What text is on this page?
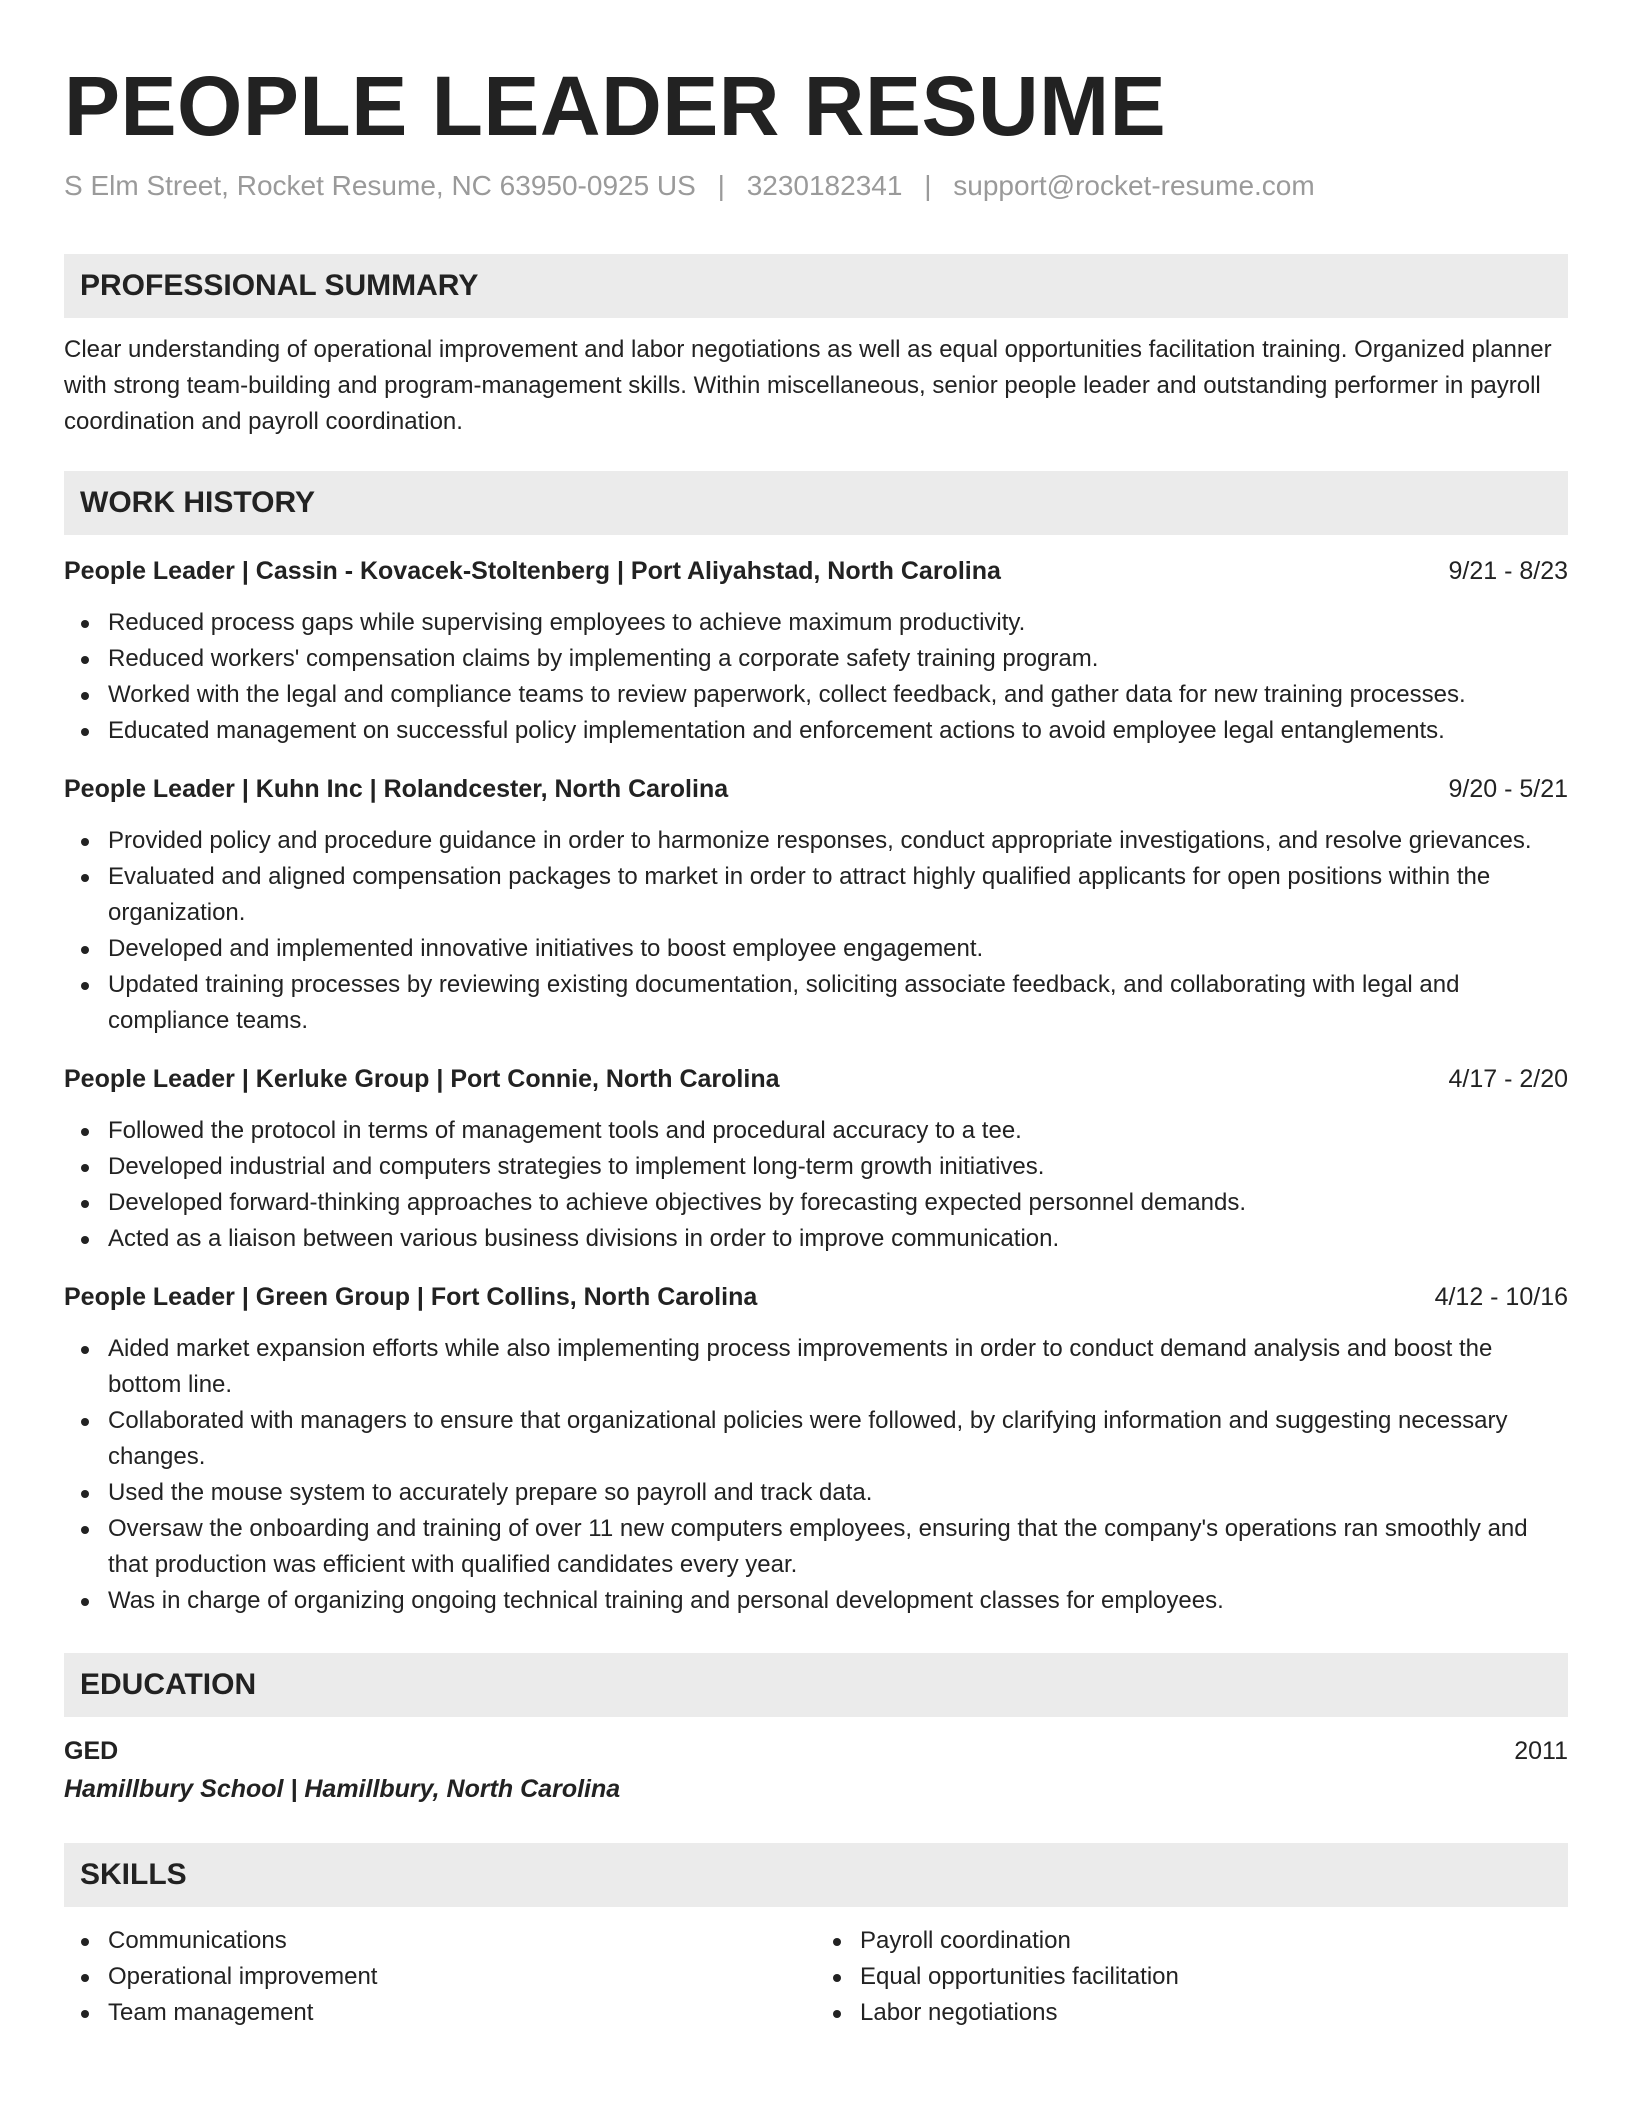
PEOPLE LEADER RESUME
S Elm Street, Rocket Resume, NC 63950-0925 US | 3230182341 | support@rocket-resume.com
PROFESSIONAL SUMMARY

Clear understanding of operational improvement and labor negotiations as well as equal opportunities facilitation training. Organized planner with strong team-building and program-management skills. Within miscellaneous, senior people leader and outstanding performer in payroll coordination and payroll coordination.

WORK HISTORY
People Leader | Cassin - Kovacek-Stoltenberg | Port Aliyahstad, North Carolina	9/21 - 8/23
Reduced process gaps while supervising employees to achieve maximum productivity.
Reduced workers' compensation claims by implementing a corporate safety training program.
Worked with the legal and compliance teams to review paperwork, collect feedback, and gather data for new training processes.
Educated management on successful policy implementation and enforcement actions to avoid employee legal entanglements.
People Leader | Kuhn Inc | Rolandcester, North Carolina	9/20 - 5/21
Provided policy and procedure guidance in order to harmonize responses, conduct appropriate investigations, and resolve grievances.
Evaluated and aligned compensation packages to market in order to attract highly qualified applicants for open positions within the organization.
Developed and implemented innovative initiatives to boost employee engagement.
Updated training processes by reviewing existing documentation, soliciting associate feedback, and collaborating with legal and compliance teams.
People Leader | Kerluke Group | Port Connie, North Carolina	4/17 - 2/20
Followed the protocol in terms of management tools and procedural accuracy to a tee.
Developed industrial and computers strategies to implement long-term growth initiatives.
Developed forward-thinking approaches to achieve objectives by forecasting expected personnel demands.
Acted as a liaison between various business divisions in order to improve communication.
People Leader | Green Group | Fort Collins, North Carolina	4/12 - 10/16
Aided market expansion efforts while also implementing process improvements in order to conduct demand analysis and boost the bottom line.
Collaborated with managers to ensure that organizational policies were followed, by clarifying information and suggesting necessary changes.
Used the mouse system to accurately prepare so payroll and track data.
Oversaw the onboarding and training of over 11 new computers employees, ensuring that the company's operations ran smoothly and that production was efficient with qualified candidates every year.
Was in charge of organizing ongoing technical training and personal development classes for employees.
EDUCATION
GED	2011
Hamillbury School | Hamillbury, North Carolina
SKILLS
Communications
Operational improvement
Team management
Payroll coordination
Equal opportunities facilitation
Labor negotiations
